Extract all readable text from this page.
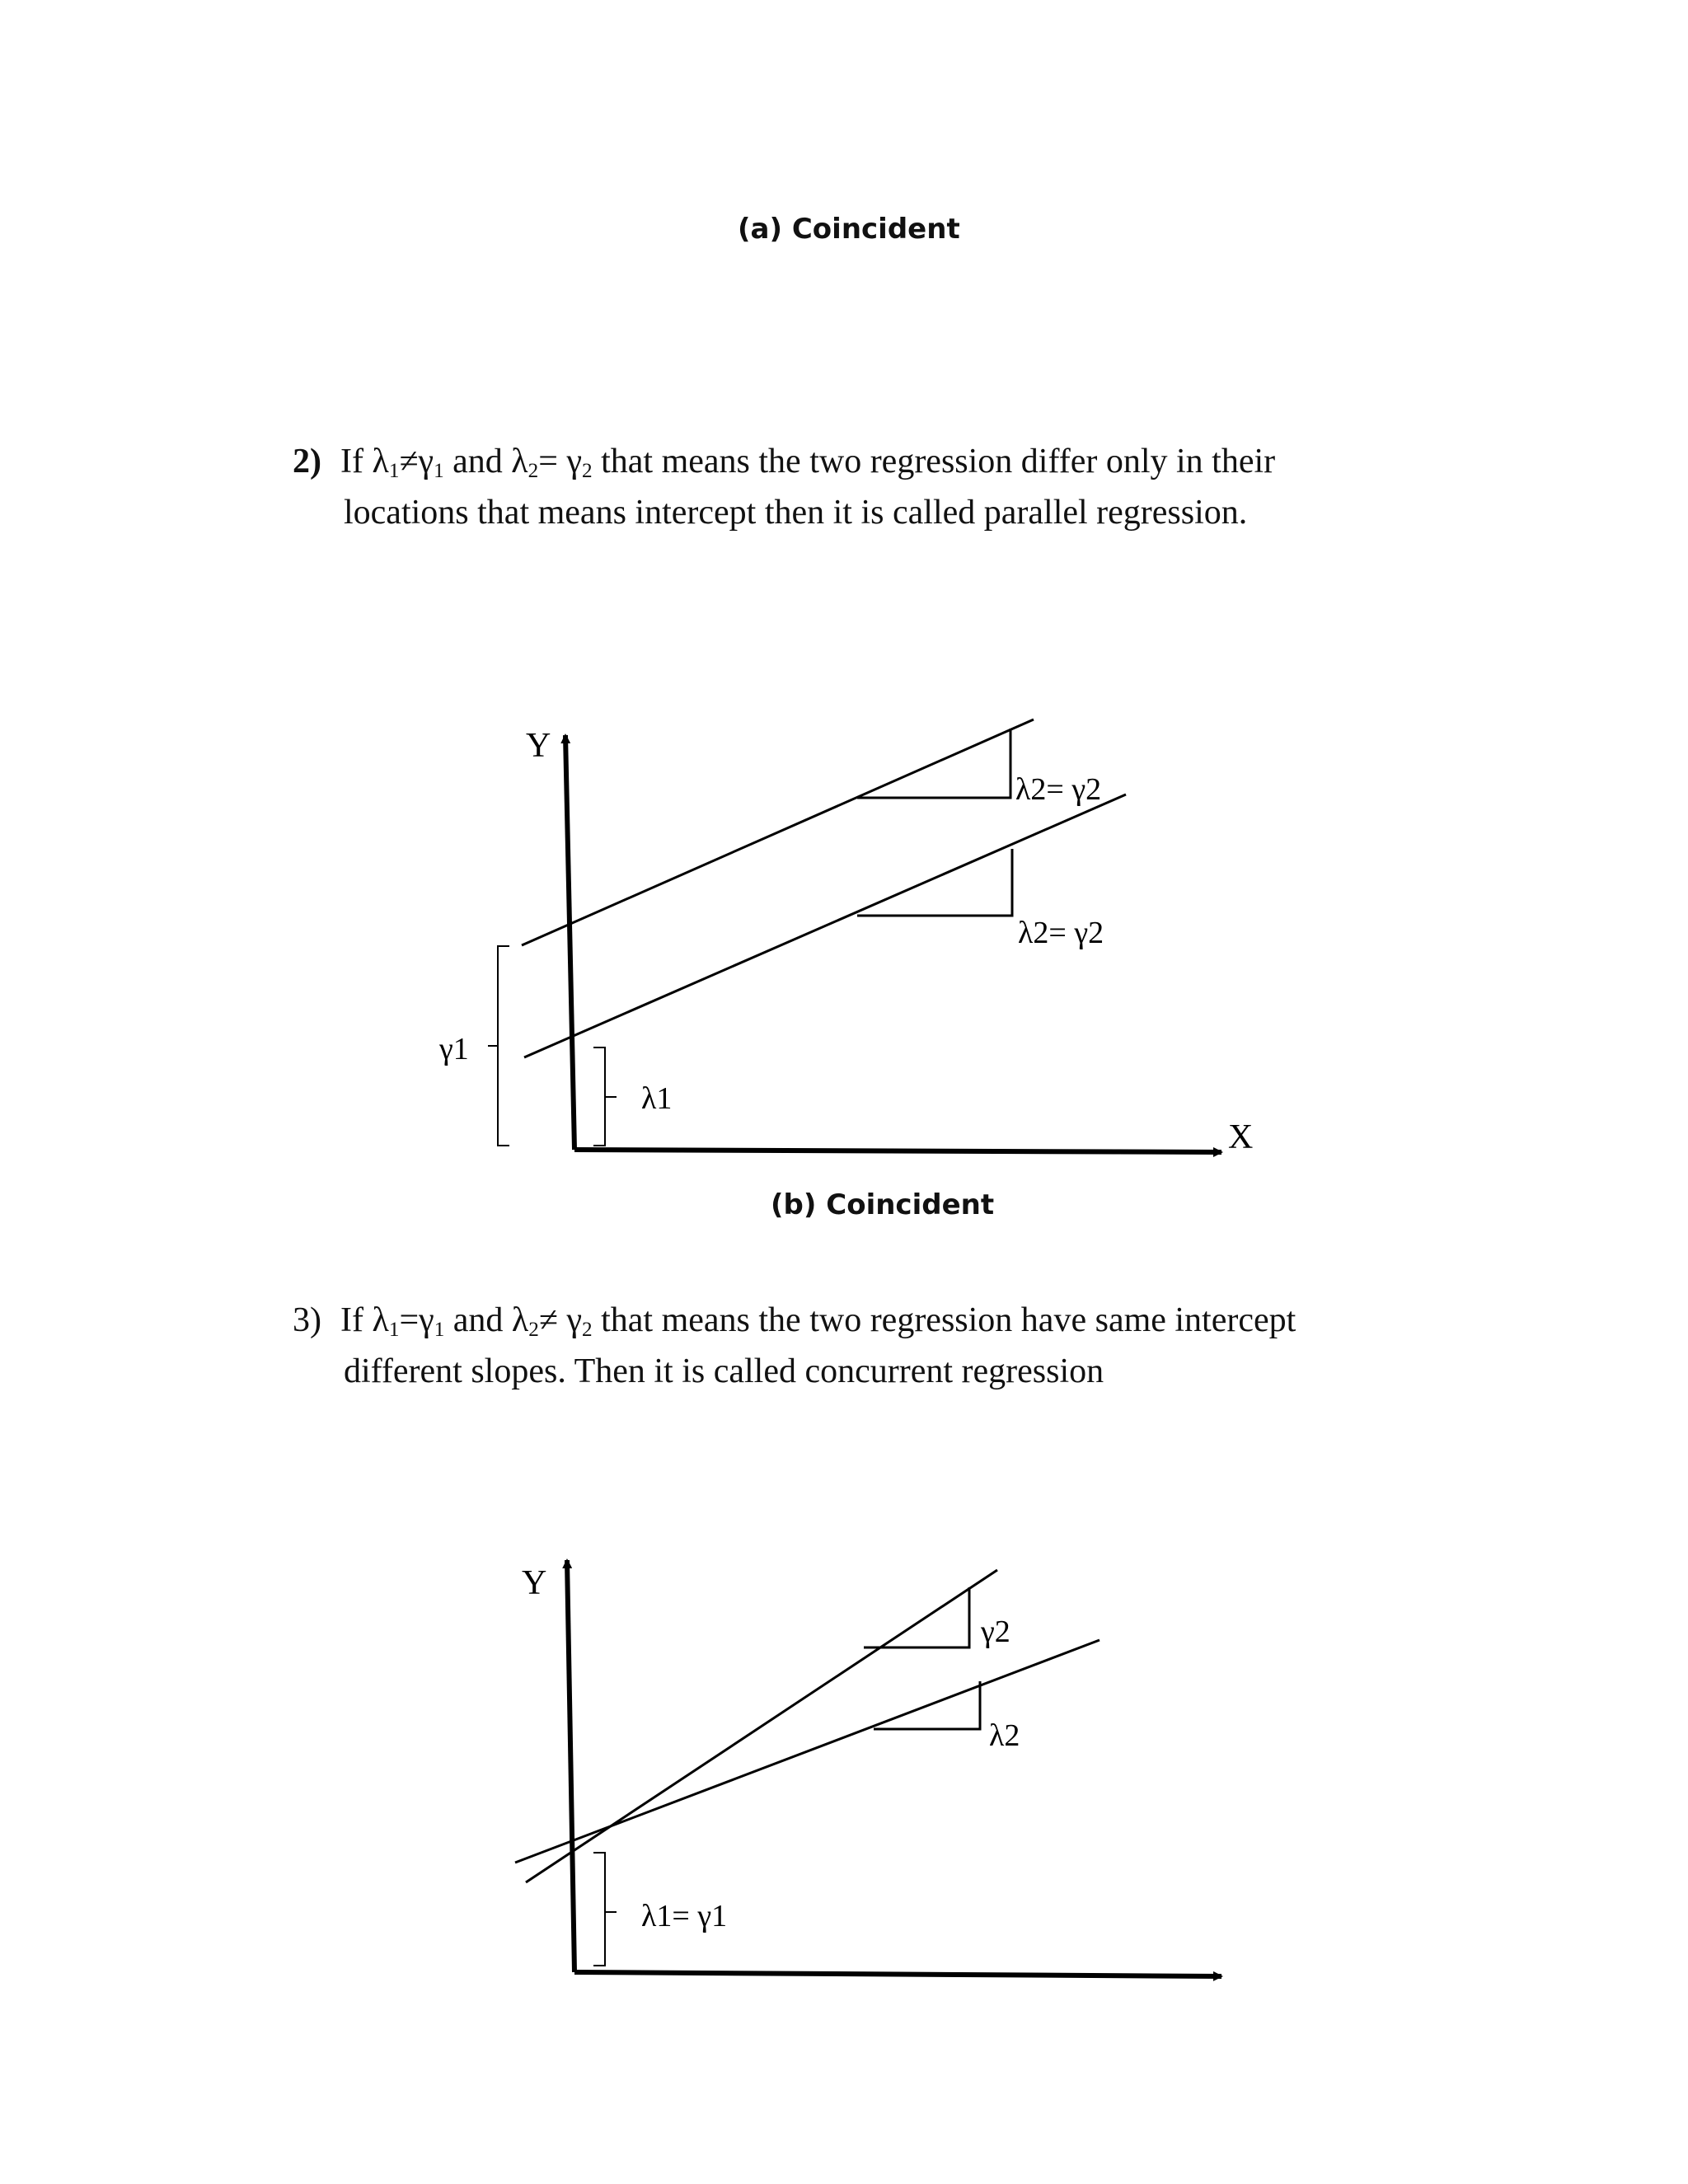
(a) Coincident
2) If $\lambda_1\ne\gamma_1$ and $\lambda_2= \gamma_2$ that means the two regression differ only in their
locations that means intercept then it is called parallel regression.
Y
X
λ2= γ2
λ2= γ2
γ1
λ1
(b) Coincident
3) If $\lambda_1=\gamma_1$ and $\lambda_2\ne \gamma_2$ that means the two regression have same intercept
different slopes. Then it is called concurrent regression
Y
γ2
λ2
λ1= γ1
